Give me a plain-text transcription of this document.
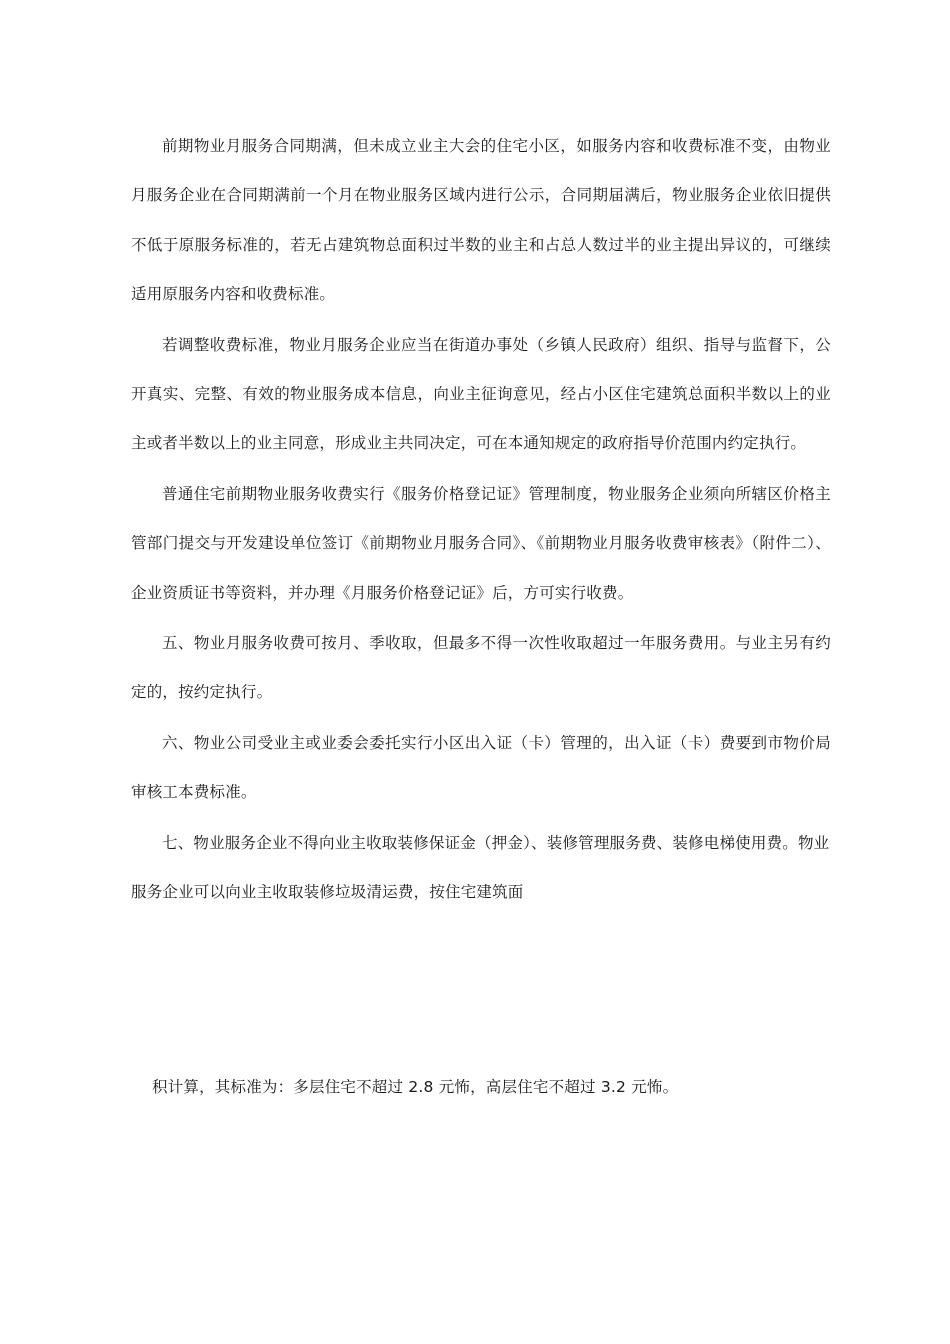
前期物业月服务合同期满，但未成立业主大会的住宅小区，如服务内容和收费标准不变，由物业月服务企业在合同期满前一个月在物业服务区域内进行公示，合同期届满后，物业服务企业依旧提供不低于原服务标准的，若无占建筑物总面积过半数的业主和占总人数过半的业主提出异议的，可继续适用原服务内容和收费标准。

若调整收费标准，物业月服务企业应当在街道办事处（乡镇人民政府）组织、指导与监督下，公开真实、完整、有效的物业服务成本信息，向业主征询意见，经占小区住宅建筑总面积半数以上的业主或者半数以上的业主同意，形成业主共同决定，可在本通知规定的政府指导价范围内约定执行。

普通住宅前期物业服务收费实行《服务价格登记证》管理制度，物业服务企业须向所辖区价格主管部门提交与开发建设单位签订《前期物业月服务合同》、《前期物业月服务收费审核表》（附件二）、企业资质证书等资料，并办理《月服务价格登记证》后，方可实行收费。

五、物业月服务收费可按月、季收取，但最多不得一次性收取超过一年服务费用。与业主另有约定的，按约定执行。

六、物业公司受业主或业委会委托实行小区出入证（卡）管理的，出入证（卡）费要到市物价局审核工本费标准。

七、物业服务企业不得向业主收取装修保证金（押金）、装修管理服务费、装修电梯使用费。物业服务企业可以向业主收取装修垃圾清运费，按住宅建筑面

积计算，其标准为：多层住宅不超过 2.8 元怖，高层住宅不超过 3.2 元怖。
